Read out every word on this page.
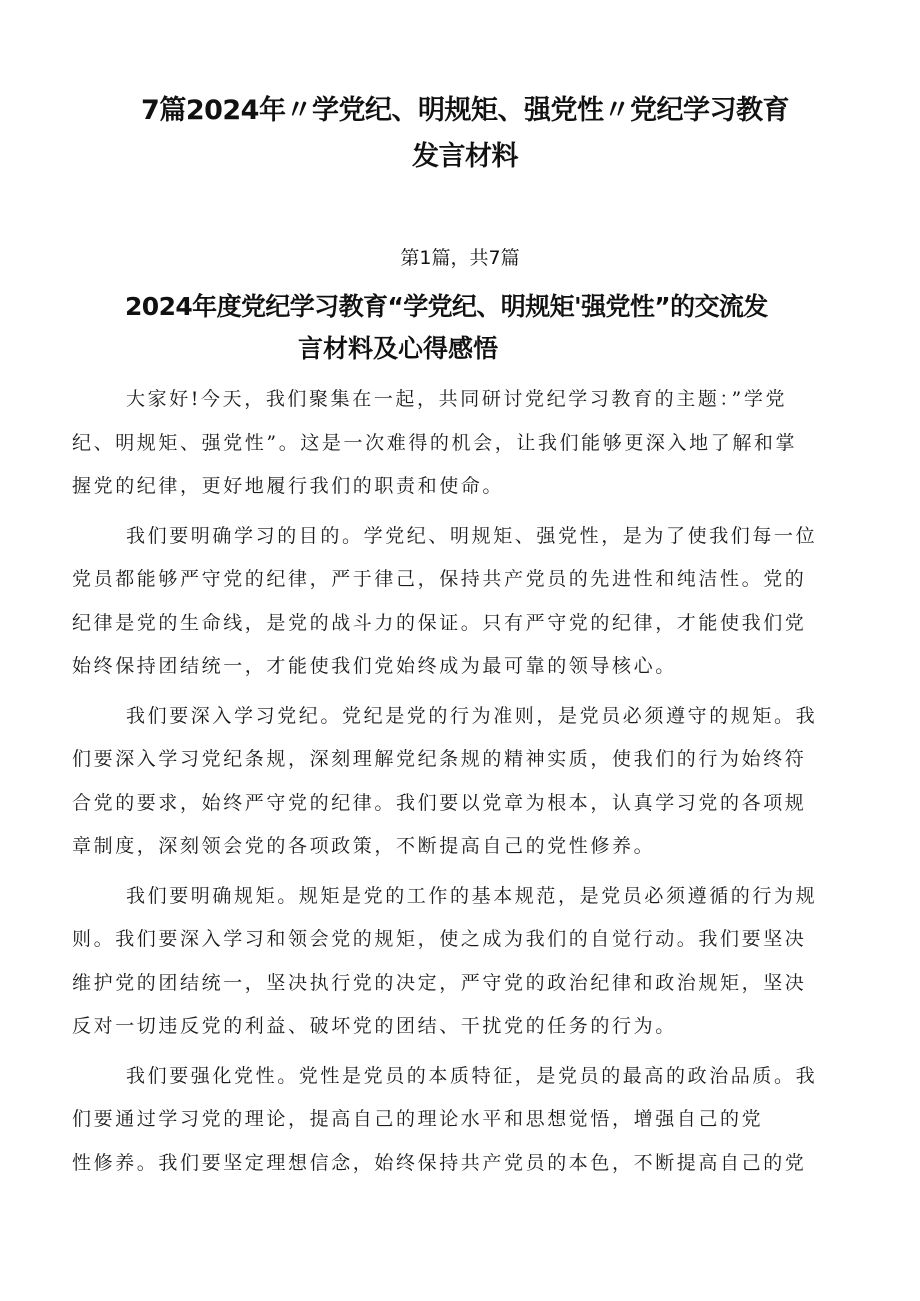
7篇2024年〃学党纪、明规矩、强党性〃党纪学习教育
发言材料
第1篇，共7篇
2024年度党纪学习教育“学党纪、明规矩'强党性”的交流发
言材料及心得感悟
大家好!今天，我们聚集在一起，共同研讨党纪学习教育的主题：”学党
纪、明规矩、强党性”。这是一次难得的机会，让我们能够更深入地了解和掌
握党的纪律，更好地履行我们的职责和使命。
我们要明确学习的目的。学党纪、明规矩、强党性，是为了使我们每一位
党员都能够严守党的纪律，严于律己，保持共产党员的先进性和纯洁性。党的
纪律是党的生命线，是党的战斗力的保证。只有严守党的纪律，才能使我们党
始终保持团结统一，才能使我们党始终成为最可靠的领导核心。
我们要深入学习党纪。党纪是党的行为准则，是党员必须遵守的规矩。我
们要深入学习党纪条规，深刻理解党纪条规的精神实质，使我们的行为始终符
合党的要求，始终严守党的纪律。我们要以党章为根本，认真学习党的各项规
章制度，深刻领会党的各项政策，不断提高自己的党性修养。
我们要明确规矩。规矩是党的工作的基本规范，是党员必须遵循的行为规
则。我们要深入学习和领会党的规矩，使之成为我们的自觉行动。我们要坚决
维护党的团结统一，坚决执行党的决定，严守党的政治纪律和政治规矩，坚决
反对一切违反党的利益、破坏党的团结、干扰党的任务的行为。
我们要强化党性。党性是党员的本质特征，是党员的最高的政治品质。我
们要通过学习党的理论，提高自己的理论水平和思想觉悟，增强自己的党
性修养。我们要坚定理想信念，始终保持共产党员的本色，不断提高自己的党
